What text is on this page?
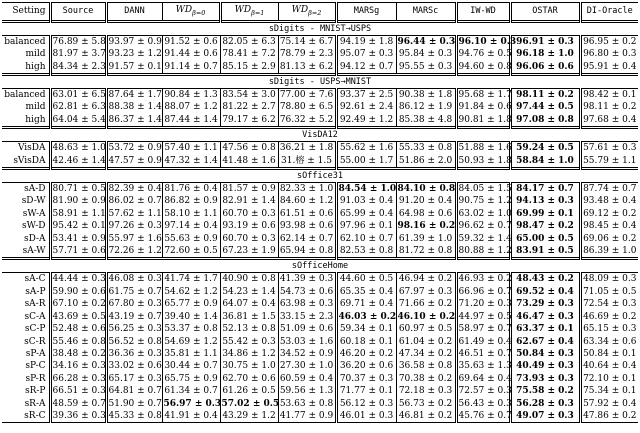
Setting	Source	DANN	$WD_{\beta=0}$	$WD_{\beta=1}$	$WD_{\beta=2}$	MARSg	MARSc	IW-WD	OSTAR	DI-Oracle
sDigits - MNIST→USPS										
balanced	76.89 ± 5.8	93.97 ± 0.9	91.52 ± 0.6	82.05 ± 6.3	75.14 ± 6.7	94.19 ± 1.8	96.44 ± 0.3	96.10 ± 0.3	96.91 ± 0.3	96.95 ± 0.2
mild	81.97 ± 3.7	93.23 ± 1.2	91.44 ± 0.6	78.41 ± 7.2	78.79 ± 2.3	95.07 ± 0.3	95.84 ± 0.3	94.76 ± 0.5	96.18 ± 1.0	96.80 ± 0.3
high	84.34 ± 2.3	91.57 ± 0.1	91.14 ± 0.7	85.15 ± 2.9	81.13 ± 6.2	94.12 ± 0.7	95.55 ± 0.3	94.60 ± 0.8	96.06 ± 0.6	95.91 ± 0.4
sDigits - USPS→MNIST										
balanced	63.01 ± 6.5	87.64 ± 1.7	90.84 ± 1.3	83.54 ± 3.0	77.00 ± 7.6	93.37 ± 2.5	90.38 ± 1.8	95.68 ± 1.7	98.11 ± 0.2	98.42 ± 0.1
mild	62.81 ± 6.3	88.38 ± 1.4	88.07 ± 1.2	81.22 ± 2.7	78.80 ± 6.5	92.61 ± 2.4	86.12 ± 1.9	91.84 ± 0.6	97.44 ± 0.5	98.11 ± 0.2
high	64.04 ± 5.4	86.37 ± 1.4	87.44 ± 1.4	79.17 ± 6.2	76.32 ± 5.2	92.49 ± 1.2	85.38 ± 4.8	90.81 ± 1.8	97.08 ± 0.8	97.68 ± 0.4
VisDA12										
VisDA	48.63 ± 1.0	53.72 ± 0.9	57.40 ± 1.1	47.56 ± 0.8	36.21 ± 1.8	55.62 ± 1.6	55.33 ± 0.8	51.88 ± 1.6	59.24 ± 0.5	57.61 ± 0.3
sVisDA	42.46 ± 1.4	47.57 ± 0.9	47.32 ± 1.4	41.48 ± 1.6	31.榕 ± 1.5	55.00 ± 1.7	51.86 ± 2.0	50.93 ± 1.8	58.84 ± 1.0	55.79 ± 1.1
sOffice31										
sA-D	80.71 ± 0.5	82.39 ± 0.4	81.76 ± 0.4	81.57 ± 0.9	82.33 ± 1.0	84.54 ± 1.0	84.10 ± 0.8	84.05 ± 1.5	84.17 ± 0.7	87.74 ± 0.7
sD-W	81.90 ± 0.9	86.02 ± 0.7	86.82 ± 0.9	82.91 ± 1.4	84.60 ± 1.2	91.03 ± 0.4	91.20 ± 0.4	90.75 ± 1.2	94.13 ± 0.3	93.48 ± 0.4
sW-A	58.91 ± 1.1	57.62 ± 1.1	58.10 ± 1.1	60.70 ± 0.3	61.51 ± 0.6	65.99 ± 0.4	64.98 ± 0.6	63.02 ± 1.0	69.99 ± 0.1	69.12 ± 0.2
sW-D	95.42 ± 0.1	97.26 ± 0.3	97.14 ± 0.4	93.19 ± 0.6	93.98 ± 0.6	97.96 ± 0.1	98.16 ± 0.2	96.62 ± 0.7	98.47 ± 0.2	98.45 ± 0.4
sD-A	53.41 ± 0.9	55.97 ± 1.6	55.63 ± 0.9	60.70 ± 0.3	62.14 ± 0.7	62.10 ± 0.7	61.39 ± 1.0	59.32 ± 1.4	65.00 ± 0.5	69.06 ± 0.2
sA-W	57.71 ± 0.6	72.26 ± 1.2	72.60 ± 0.5	67.23 ± 1.9	65.94 ± 0.8	82.53 ± 0.8	81.72 ± 0.8	80.88 ± 1.2	83.91 ± 0.5	86.39 ± 1.0
sOfficeHome										
sA-C	44.44 ± 0.3	46.08 ± 0.3	41.74 ± 1.7	40.90 ± 0.8	41.39 ± 0.3	44.60 ± 0.5	46.94 ± 0.2	46.93 ± 0.2	48.43 ± 0.2	48.09 ± 0.3
sA-P	59.90 ± 0.6	61.75 ± 0.7	54.62 ± 1.2	54.23 ± 1.4	54.73 ± 0.6	65.35 ± 0.4	67.97 ± 0.3	66.96 ± 0.7	69.52 ± 0.4	71.05 ± 0.5
sA-R	67.10 ± 0.2	67.80 ± 0.3	65.77 ± 0.9	64.07 ± 0.4	63.98 ± 0.3	69.71 ± 0.4	71.66 ± 0.2	71.20 ± 0.3	73.29 ± 0.3	72.54 ± 0.3
sC-A	43.69 ± 0.5	43.19 ± 0.7	39.40 ± 1.4	36.81 ± 1.5	33.15 ± 2.3	46.03 ± 0.2	46.10 ± 0.2	44.97 ± 0.5	46.47 ± 0.3	46.69 ± 0.2
sC-P	52.48 ± 0.6	56.25 ± 0.3	53.37 ± 0.8	52.13 ± 0.8	51.09 ± 0.6	59.34 ± 0.1	60.97 ± 0.5	58.97 ± 0.7	63.37 ± 0.1	65.15 ± 0.3
sC-R	55.46 ± 0.8	56.52 ± 0.8	54.69 ± 1.2	55.42 ± 0.3	53.03 ± 1.6	60.18 ± 0.1	61.04 ± 0.2	61.49 ± 0.4	62.67 ± 0.4	63.34 ± 0.6
sP-A	38.48 ± 0.2	36.36 ± 0.3	35.81 ± 1.1	34.86 ± 1.2	34.52 ± 0.9	46.20 ± 0.2	47.34 ± 0.2	46.51 ± 0.7	50.84 ± 0.3	50.84 ± 0.1
sP-C	34.16 ± 0.3	33.02 ± 0.6	30.44 ± 0.7	30.75 ± 1.0	27.30 ± 1.0	36.20 ± 0.6	36.58 ± 0.8	35.63 ± 1.3	40.49 ± 0.3	40.64 ± 0.4
sP-R	66.28 ± 0.3	65.17 ± 0.3	65.75 ± 0.9	62.70 ± 0.6	60.59 ± 0.4	70.37 ± 0.3	70.38 ± 0.2	69.64 ± 0.4	73.93 ± 0.3	72.10 ± 0.1
sR-P	66.51 ± 0.3	64.81 ± 0.7	61.34 ± 0.7	61.26 ± 0.5	59.56 ± 1.3	71.77 ± 0.1	72.18 ± 0.3	72.57 ± 0.3	75.58 ± 0.2	75.34 ± 0.1
sR-A	48.59 ± 0.7	51.90 ± 0.7	56.97 ± 0.3	57.02 ± 0.5	53.63 ± 0.8	56.12 ± 0.3	56.73 ± 0.2	56.43 ± 0.3	56.28 ± 0.3	57.92 ± 0.4
sR-C	39.36 ± 0.3	45.33 ± 0.8	41.91 ± 0.4	43.29 ± 1.2	41.77 ± 0.9	46.01 ± 0.3	46.81 ± 0.2	45.76 ± 0.7	49.07 ± 0.3	47.86 ± 0.2
